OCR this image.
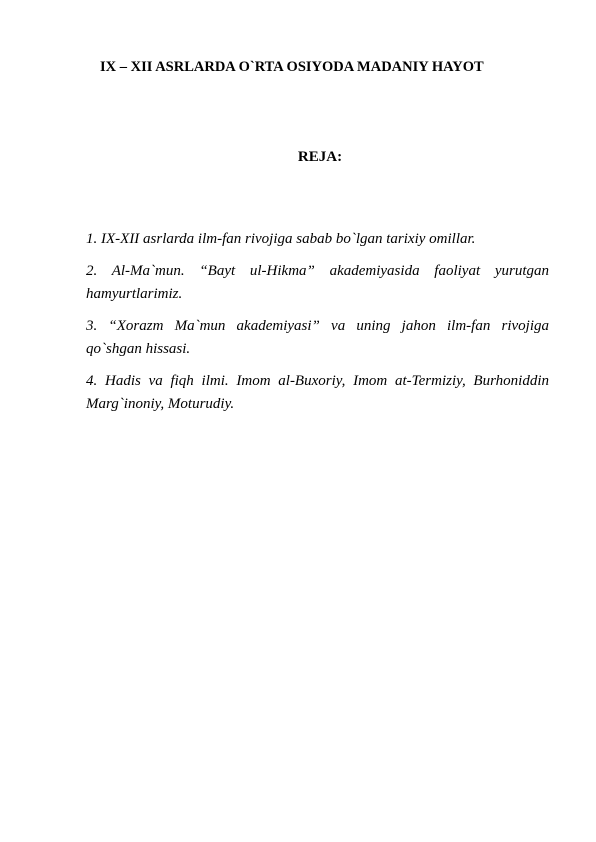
IX – XII ASRLARDA O`RTA OSIYODA MADANIY HAYOT
REJA:

1. IX-XII asrlarda ilm-fan rivojiga sabab bo`lgan tarixiy omillar.

2. Al-Ma`mun. “Bayt ul-Hikma” akademiyasida faoliyat yurutgan hamyurtlarimiz.

3. “Xorazm Ma`mun akademiyasi” va uning jahon ilm-fan rivojiga qo`shgan hissasi.

4. Hadis va fiqh ilmi. Imom al-Buxoriy, Imom at-Termiziy, Burhoniddin Marg`inoniy, Moturudiy.
